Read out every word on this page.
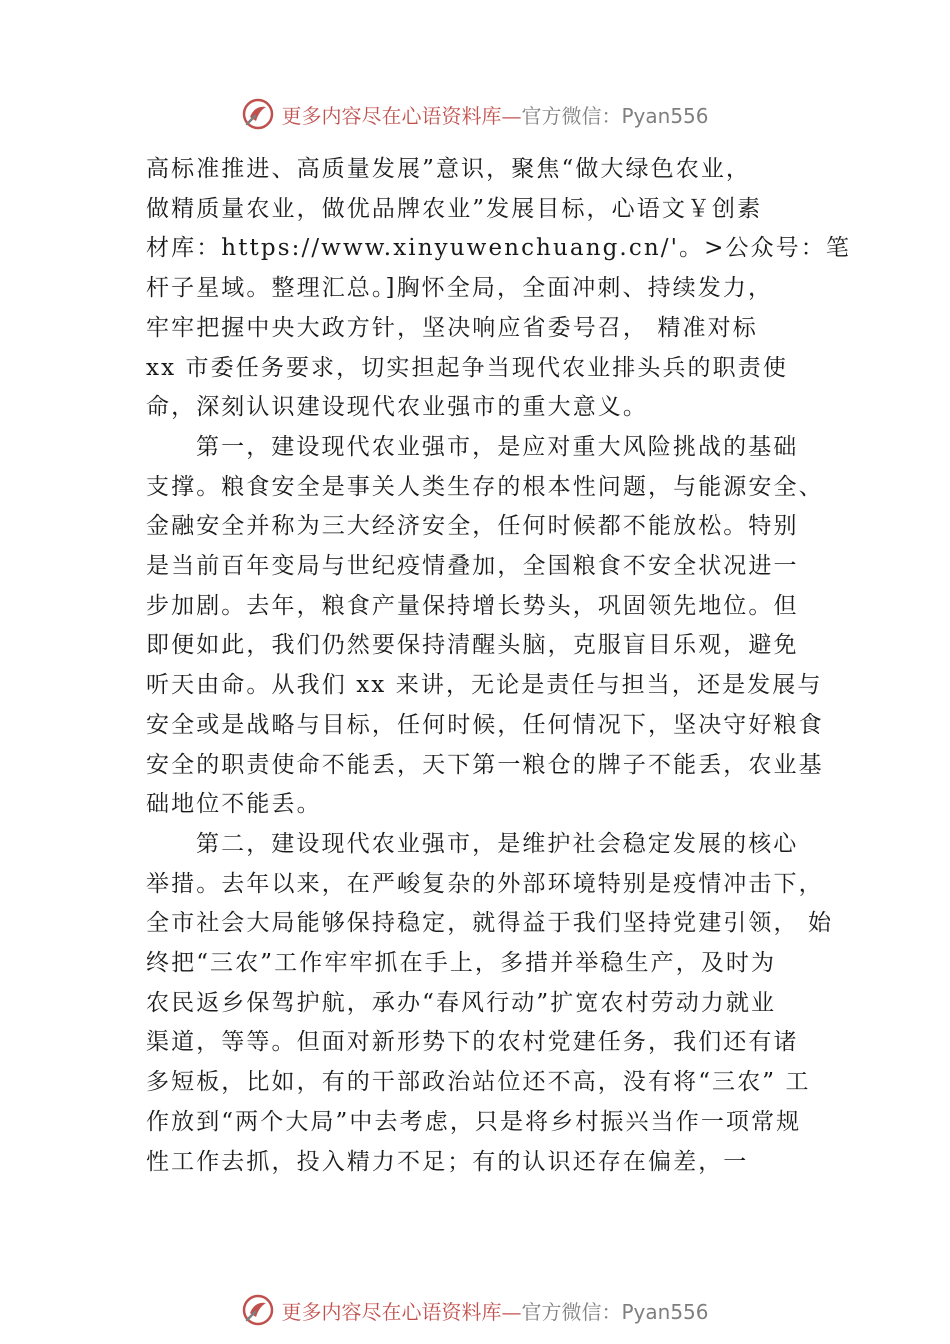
更多内容尽在心语资料库—官方微信：Pyan556

高标准推进、高质量发展”意识，聚焦“做大绿色农业，
做精质量农业，做优品牌农业”发展目标，心语文￥创素
材库：https://www.xinyuwenchuang.cn/'。>公众号：笔
杆子星域。整理汇总。]胸怀全局，全面冲刺、持续发力，
牢牢把握中央大政方针，坚决响应省委号召， 精准对标
xx 市委任务要求，切实担起争当现代农业排头兵的职责使
命，深刻认识建设现代农业强市的重大意义。

第一，建设现代农业强市，是应对重大风险挑战的基础
支撑。粮食安全是事关人类生存的根本性问题，与能源安全、
金融安全并称为三大经济安全，任何时候都不能放松。特别
是当前百年变局与世纪疫情叠加，全国粮食不安全状况进一
步加剧。去年，粮食产量保持增长势头，巩固领先地位。但
即便如此，我们仍然要保持清醒头脑，克服盲目乐观，避免
听天由命。从我们 xx 来讲，无论是责任与担当，还是发展与
安全或是战略与目标，任何时候，任何情况下，坚决守好粮食
安全的职责使命不能丢，天下第一粮仓的牌子不能丢，农业基
础地位不能丢。

第二，建设现代农业强市，是维护社会稳定发展的核心
举措。去年以来，在严峻复杂的外部环境特别是疫情冲击下，
全市社会大局能够保持稳定，就得益于我们坚持党建引领， 始
终把“三农”工作牢牢抓在手上，多措并举稳生产，及时为
农民返乡保驾护航，承办“春风行动”扩宽农村劳动力就业
渠道，等等。但面对新形势下的农村党建任务，我们还有诸
多短板，比如，有的干部政治站位还不高，没有将“三农” 工
作放到“两个大局”中去考虑，只是将乡村振兴当作一项常规
性工作去抓，投入精力不足；有的认识还存在偏差，一

更多内容尽在心语资料库—官方微信：Pyan556
